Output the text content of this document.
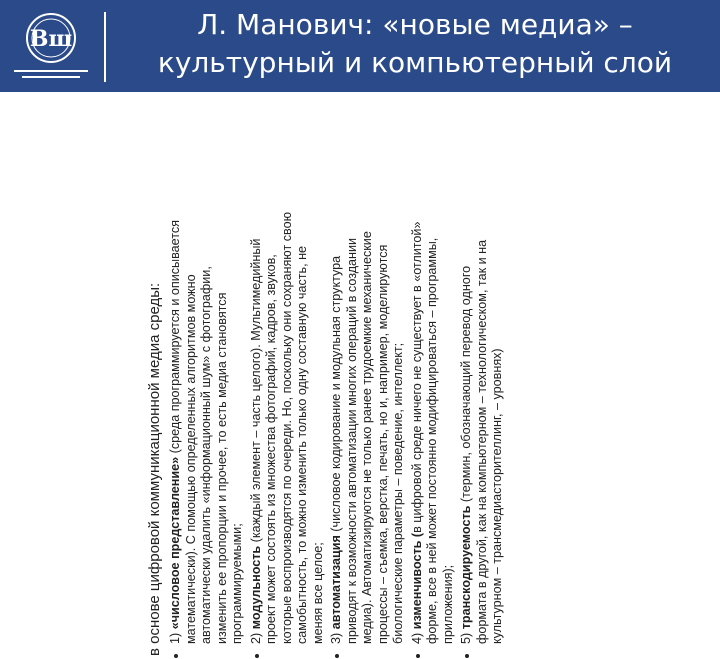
Вш	Л. Манович: «новые медиа» – культурный и компьютерный слой
в основе цифровой коммуникационной медиа среды: • 1) «числовое представление» (среда программируется и описывается математически). С помощью определенных алгоритмов можно автоматически удалить «информационный шум» с фотографии, изменить ее пропорции и прочее, то есть медиа становятся программируемыми; • 2) модульность (каждый элемент – часть целого). Мультимедийный проект может состоять из множества фотографий, кадров, звуков, которые воспроизводятся по очереди. Но, поскольку они сохраняют свою самобытность, то можно изменить только одну составную часть, не меняя все целое; • 3) автоматизация (числовое кодирование и модульная структура приводят к возможности автоматизации многих операций в создании медиа). Автоматизируются не только ранее трудоемкие механические процессы – съемка, верстка, печать, но и, например, моделируются биологические параметры – поведение, интеллект; • 4) изменчивость (в цифровой среде ничего не существует в «отлитой» форме, все в ней может постоянно модифицироваться – программы, приложения); • 5) транскодируемость (термин, обозначающий перевод одного формата в другой, как на компьютерном – технологическом, так и на культурном – трансмедиасторителлинг, – уровнях)
